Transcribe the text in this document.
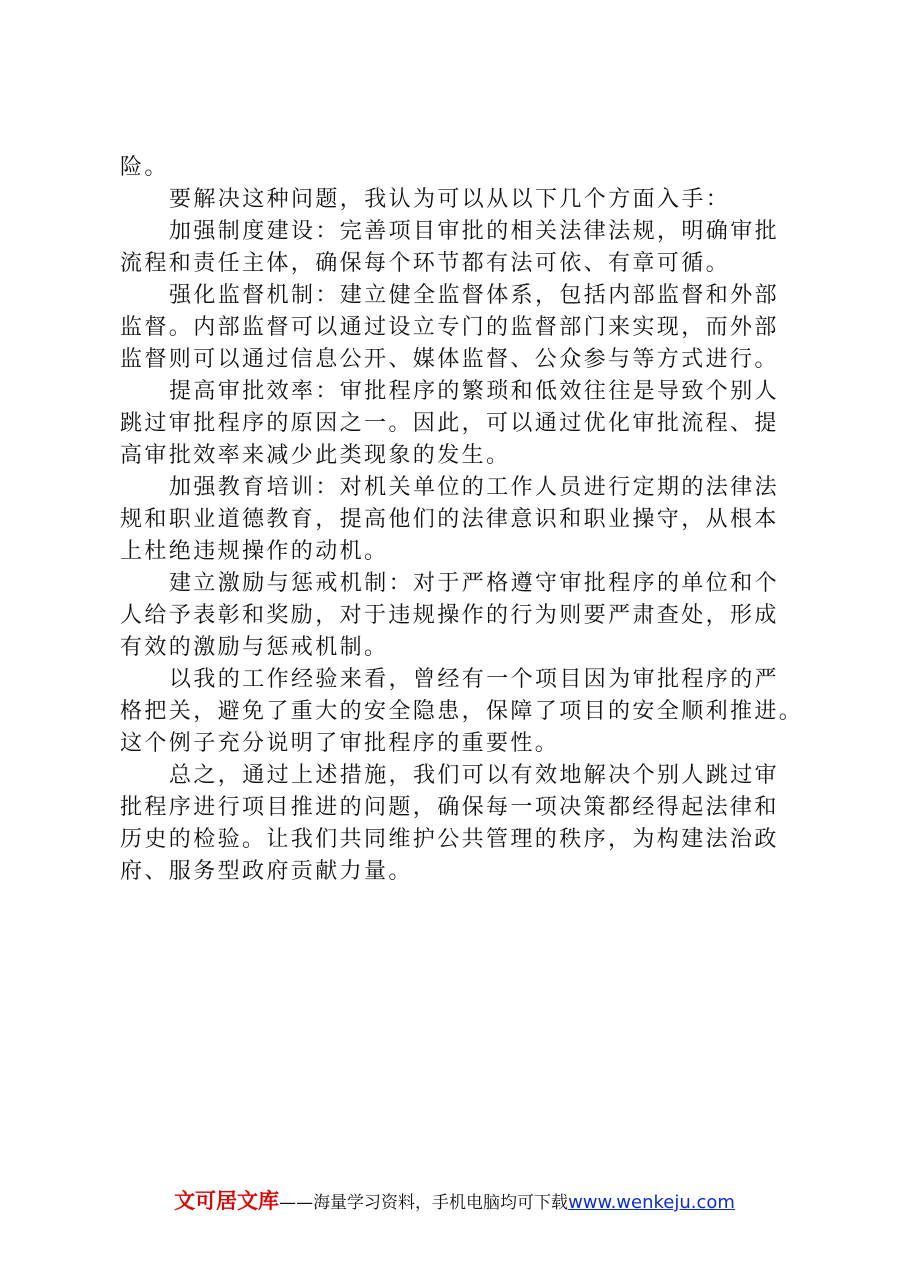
险。
要解决这种问题，我认为可以从以下几个方面入手：
加强制度建设：完善项目审批的相关法律法规，明确审批
流程和责任主体，确保每个环节都有法可依、有章可循。
强化监督机制：建立健全监督体系，包括内部监督和外部
监督。内部监督可以通过设立专门的监督部门来实现，而外部
监督则可以通过信息公开、媒体监督、公众参与等方式进行。
提高审批效率：审批程序的繁琐和低效往往是导致个别人
跳过审批程序的原因之一。因此，可以通过优化审批流程、提
高审批效率来减少此类现象的发生。
加强教育培训：对机关单位的工作人员进行定期的法律法
规和职业道德教育，提高他们的法律意识和职业操守，从根本
上杜绝违规操作的动机。
建立激励与惩戒机制：对于严格遵守审批程序的单位和个
人给予表彰和奖励，对于违规操作的行为则要严肃查处，形成
有效的激励与惩戒机制。
以我的工作经验来看，曾经有一个项目因为审批程序的严
格把关，避免了重大的安全隐患，保障了项目的安全顺利推进。
这个例子充分说明了审批程序的重要性。
总之，通过上述措施，我们可以有效地解决个别人跳过审
批程序进行项目推进的问题，确保每一项决策都经得起法律和
历史的检验。让我们共同维护公共管理的秩序，为构建法治政
府、服务型政府贡献力量。
文可居文库——海量学习资料，手机电脑均可下载www.wenkeju.com
